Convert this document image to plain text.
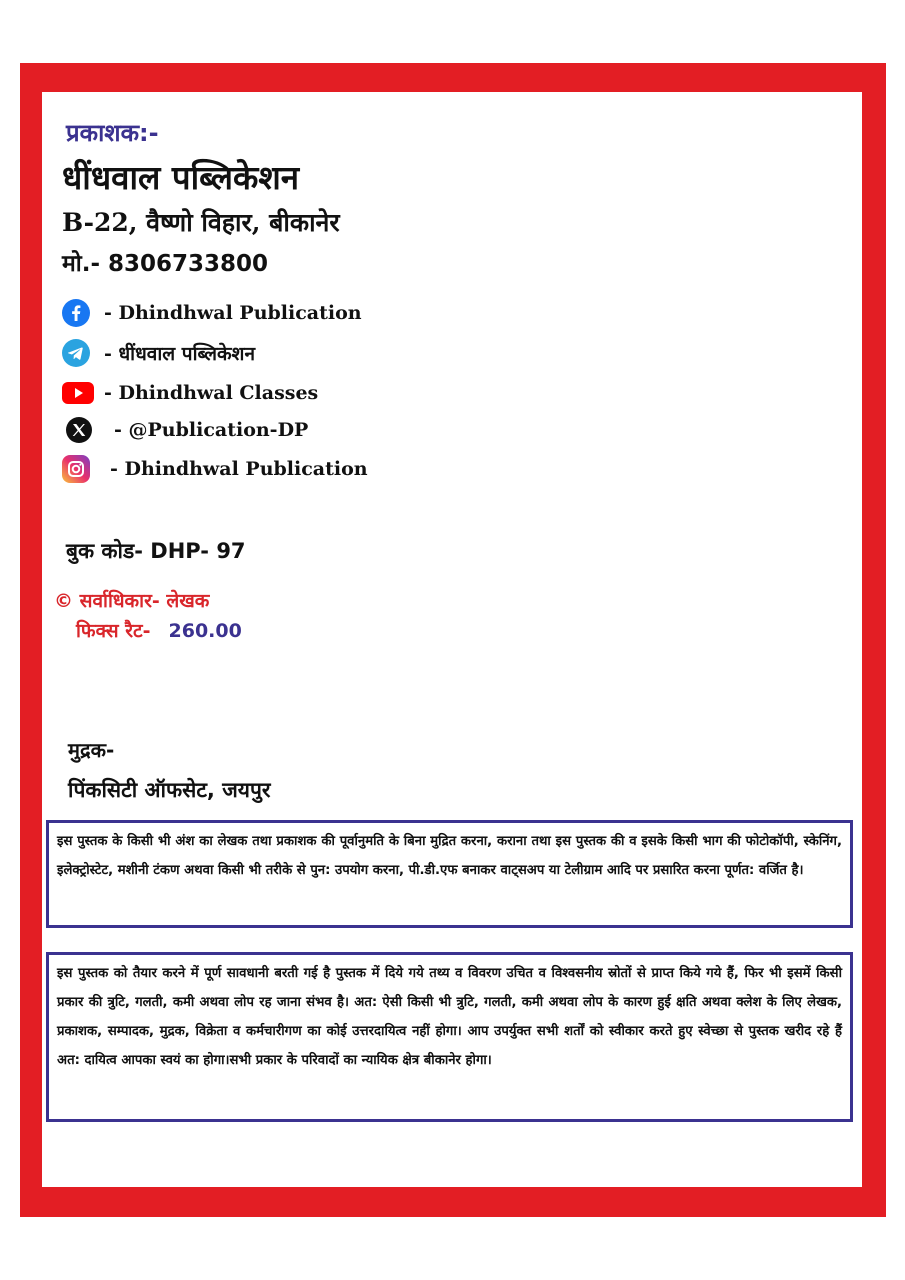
प्रकाशक:-
धींधवाल पब्लिकेशन
B-22, वैष्णो विहार, बीकानेर
मो.- 8306733800
- Dhindhwal Publication
- धींधवाल पब्लिकेशन
- Dhindhwal Classes
- @Publication-DP
- Dhindhwal Publication
बुक कोड- DHP- 97
© सर्वाधिकार- लेखक
फिक्स रैट- 260.00
मुद्रक-
पिंकसिटी ऑफसेट, जयपुर
इस पुस्तक के किसी भी अंश का लेखक तथा प्रकाशक की पूर्वानुमति के बिना मुद्रित करना, कराना तथा इस पुस्तक की व इसके किसी भाग की फोटोकॉपी, स्केनिंग, इलेक्ट्रोस्टेट, मशीनी टंकण अथवा किसी भी तरीके से पुन: उपयोग करना, पी.डी.एफ बनाकर वाट्सअप या टेलीग्राम आदि पर प्रसारित करना पूर्णत: वर्जित है।
इस पुस्तक को तैयार करने में पूर्ण सावधानी बरती गई है पुस्तक में दिये गये तथ्य व विवरण उचित व विश्वसनीय स्रोतों से प्राप्त किये गये हैं, फिर भी इसमें किसी प्रकार की त्रुटि, गलती, कमी अथवा लोप रह जाना संभव है। अत: ऐसी किसी भी त्रुटि, गलती, कमी अथवा लोप के कारण हुई क्षति अथवा क्लेश के लिए लेखक, प्रकाशक, सम्पादक, मुद्रक, विक्रेता व कर्मचारीगण का कोई उत्तरदायित्व नहीं होगा। आप उपर्युक्त सभी शर्तों को स्वीकार करते हुए स्वेच्छा से पुस्तक खरीद रहे हैं अत: दायित्व आपका स्वयं का होगा।सभी प्रकार के परिवादों का न्यायिक क्षेत्र बीकानेर होगा।
